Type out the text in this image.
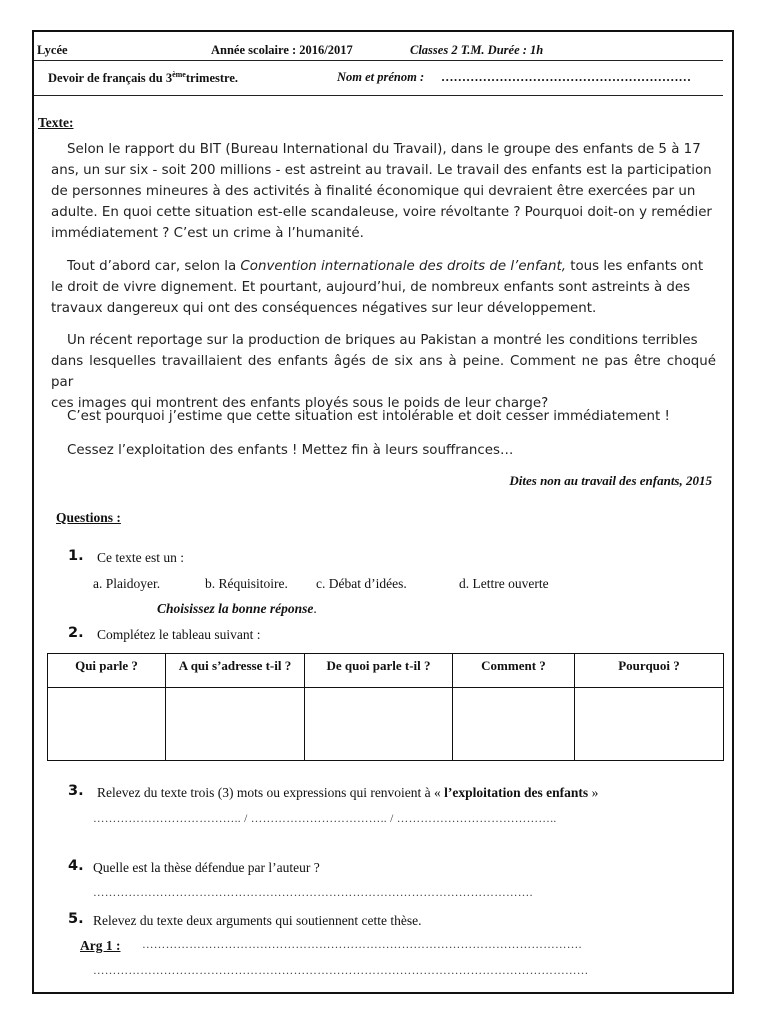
Lycée	Année scolaire : 2016/2017	Classes 2 T.M. Durée : 1h
Devoir de français du 3èmetrimestre.	Nom et prénom : ……………………………………………………
Texte:
Selon le rapport du BIT (Bureau International du Travail), dans le groupe des enfants de 5 à 17
ans, un sur six - soit 200 millions - est astreint au travail. Le travail des enfants est la participation
de personnes mineures à des activités à finalité économique qui devraient être exercées par un
adulte. En quoi cette situation est-elle scandaleuse, voire révoltante ? Pourquoi doit-on y remédier
immédiatement ? C’est un crime à l’humanité.
Tout d’abord car, selon la Convention internationale des droits de l’enfant, tous les enfants ont
le droit de vivre dignement. Et pourtant, aujourd’hui, de nombreux enfants sont astreints à des
travaux dangereux qui ont des conséquences négatives sur leur développement.
Un récent reportage sur la production de briques au Pakistan a montré les conditions terribles
dans lesquelles travaillaient des enfants âgés de six ans à peine. Comment ne pas être choqué par
ces images qui montrent des enfants ployés sous le poids de leur charge?
C’est pourquoi j’estime que cette situation est intolérable et doit cesser immédiatement !
Cessez l’exploitation des enfants ! Mettez fin à leurs souffrances…
Dites non au travail des enfants, 2015
Questions :
1. Ce texte est un :
a. Plaidoyer.	b. Réquisitoire. c. Débat d’idées.	d. Lettre ouverte
Choisissez la bonne réponse.
2. Complétez le tableau suivant :
Qui parle ?	A qui s’adresse t-il ?	De quoi parle t-il ?	Comment ?	Pourquoi ?

3. Relevez du texte trois (3) mots ou expressions qui renvoient à « l’exploitation des enfants »
……………………………….. / …………………………….. / …………………………………..
4. Quelle est la thèse défendue par l’auteur ?
………………………………………………………………………………………………….
5. Relevez du texte deux arguments qui soutiennent cette thèse.
Arg 1 : ………………………………………………………………………………………………….
………………………………………………………………………………………………………………
